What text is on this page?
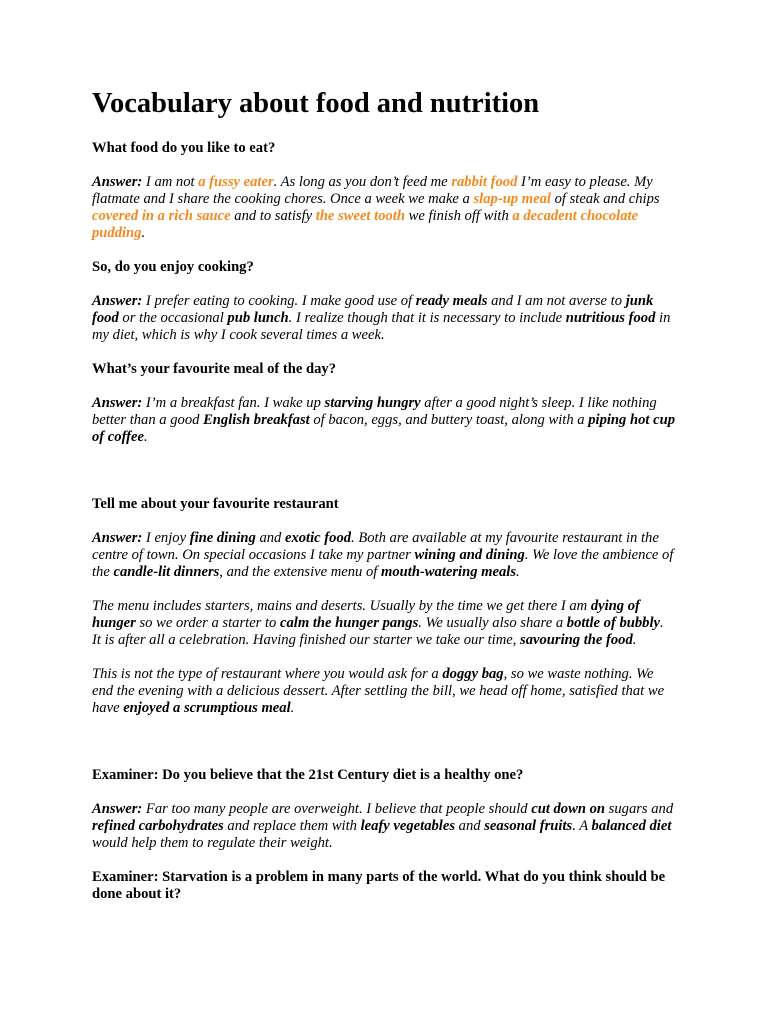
Vocabulary about food and nutrition
What food do you like to eat?
Answer: I am not a fussy eater. As long as you don’t feed me rabbit food I’m easy to please. My flatmate and I share the cooking chores. Once a week we make a slap-up meal of steak and chips covered in a rich sauce and to satisfy the sweet tooth we finish off with a decadent chocolate pudding.
So, do you enjoy cooking?
Answer: I prefer eating to cooking. I make good use of ready meals and I am not averse to junk food or the occasional pub lunch. I realize though that it is necessary to include nutritious food in my diet, which is why I cook several times a week.
What’s your favourite meal of the day?
Answer: I’m a breakfast fan. I wake up starving hungry after a good night’s sleep. I like nothing better than a good English breakfast of bacon, eggs, and buttery toast, along with a piping hot cup of coffee.
Tell me about your favourite restaurant
Answer: I enjoy fine dining and exotic food. Both are available at my favourite restaurant in the centre of town. On special occasions I take my partner wining and dining. We love the ambience of the candle-lit dinners, and the extensive menu of mouth-watering meals.
The menu includes starters, mains and deserts. Usually by the time we get there I am dying of hunger so we order a starter to calm the hunger pangs. We usually also share a bottle of bubbly. It is after all a celebration. Having finished our starter we take our time, savouring the food.
This is not the type of restaurant where you would ask for a doggy bag, so we waste nothing. We end the evening with a delicious dessert. After settling the bill, we head off home, satisfied that we have enjoyed a scrumptious meal.
Examiner: Do you believe that the 21st Century diet is a healthy one?
Answer: Far too many people are overweight. I believe that people should cut down on sugars and refined carbohydrates and replace them with leafy vegetables and seasonal fruits. A balanced diet would help them to regulate their weight.
Examiner: Starvation is a problem in many parts of the world. What do you think should be done about it?
